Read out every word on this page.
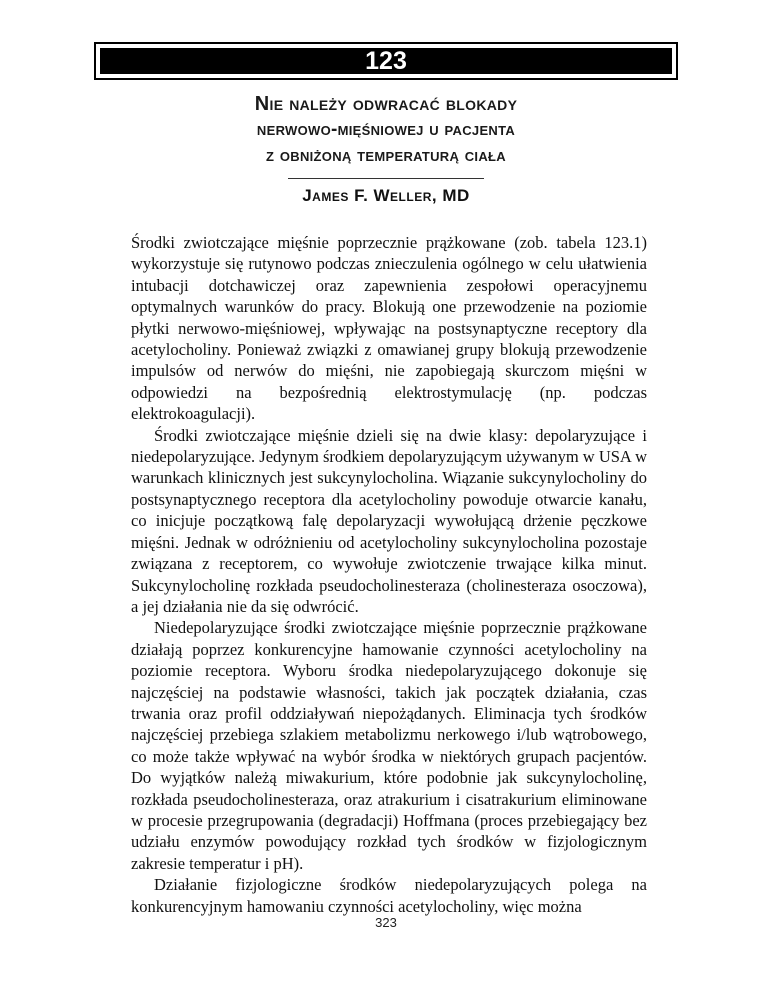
123
Nie należy odwracać blokady
nerwowo-mięśniowej u pacjenta
z obniżoną temperaturą ciała
James F. Weller, MD

Środki zwiotczające mięśnie poprzecznie prążkowane (zob. tabela 123.1) wykorzystuje się rutynowo podczas znieczulenia ogólnego w celu ułatwienia intubacji dotchawiczej oraz zapewnienia zespołowi operacyjnemu optymalnych warunków do pracy. Blokują one przewodzenie na poziomie płytki nerwowo-mięśniowej, wpływając na postsynaptyczne receptory dla acetylocholiny. Ponieważ związki z omawianej grupy blokują przewodzenie impulsów od nerwów do mięśni, nie zapobiegają skurczom mięśni w odpowiedzi na bezpośrednią elektrostymulację (np. podczas elektrokoagulacji).

Środki zwiotczające mięśnie dzieli się na dwie klasy: depolaryzujące i niedepolaryzujące. Jedynym środkiem depolaryzującym używanym w USA w warunkach klinicznych jest sukcynylocholina. Wiązanie sukcynylocholiny do postsynaptycznego receptora dla acetylocholiny powoduje otwarcie kanału, co inicjuje początkową falę depolaryzacji wywołującą drżenie pęczkowe mięśni. Jednak w odróżnieniu od acetylocholiny sukcynylocholina pozostaje związana z receptorem, co wywołuje zwiotczenie trwające kilka minut. Sukcynylocholinę rozkłada pseudocholinesteraza (cholinesteraza osoczowa), a jej działania nie da się odwrócić.

Niedepolaryzujące środki zwiotczające mięśnie poprzecznie prążkowane działają poprzez konkurencyjne hamowanie czynności acetylocholiny na poziomie receptora. Wyboru środka niedepolaryzującego dokonuje się najczęściej na podstawie własności, takich jak początek działania, czas trwania oraz profil oddziaływań niepożądanych. Eliminacja tych środków najczęściej przebiega szlakiem metabolizmu nerkowego i/lub wątrobowego, co może także wpływać na wybór środka w niektórych grupach pacjentów. Do wyjątków należą miwakurium, które podobnie jak sukcynylocholinę, rozkłada pseudocholinesteraza, oraz atrakurium i cisatrakurium eliminowane w procesie przegrupowania (degradacji) Hoffmana (proces przebiegający bez udziału enzymów powodujący rozkład tych środków w fizjologicznym zakresie temperatur i pH).

Działanie fizjologiczne środków niedepolaryzujących polega na konkurencyjnym hamowaniu czynności acetylocholiny, więc można

323
